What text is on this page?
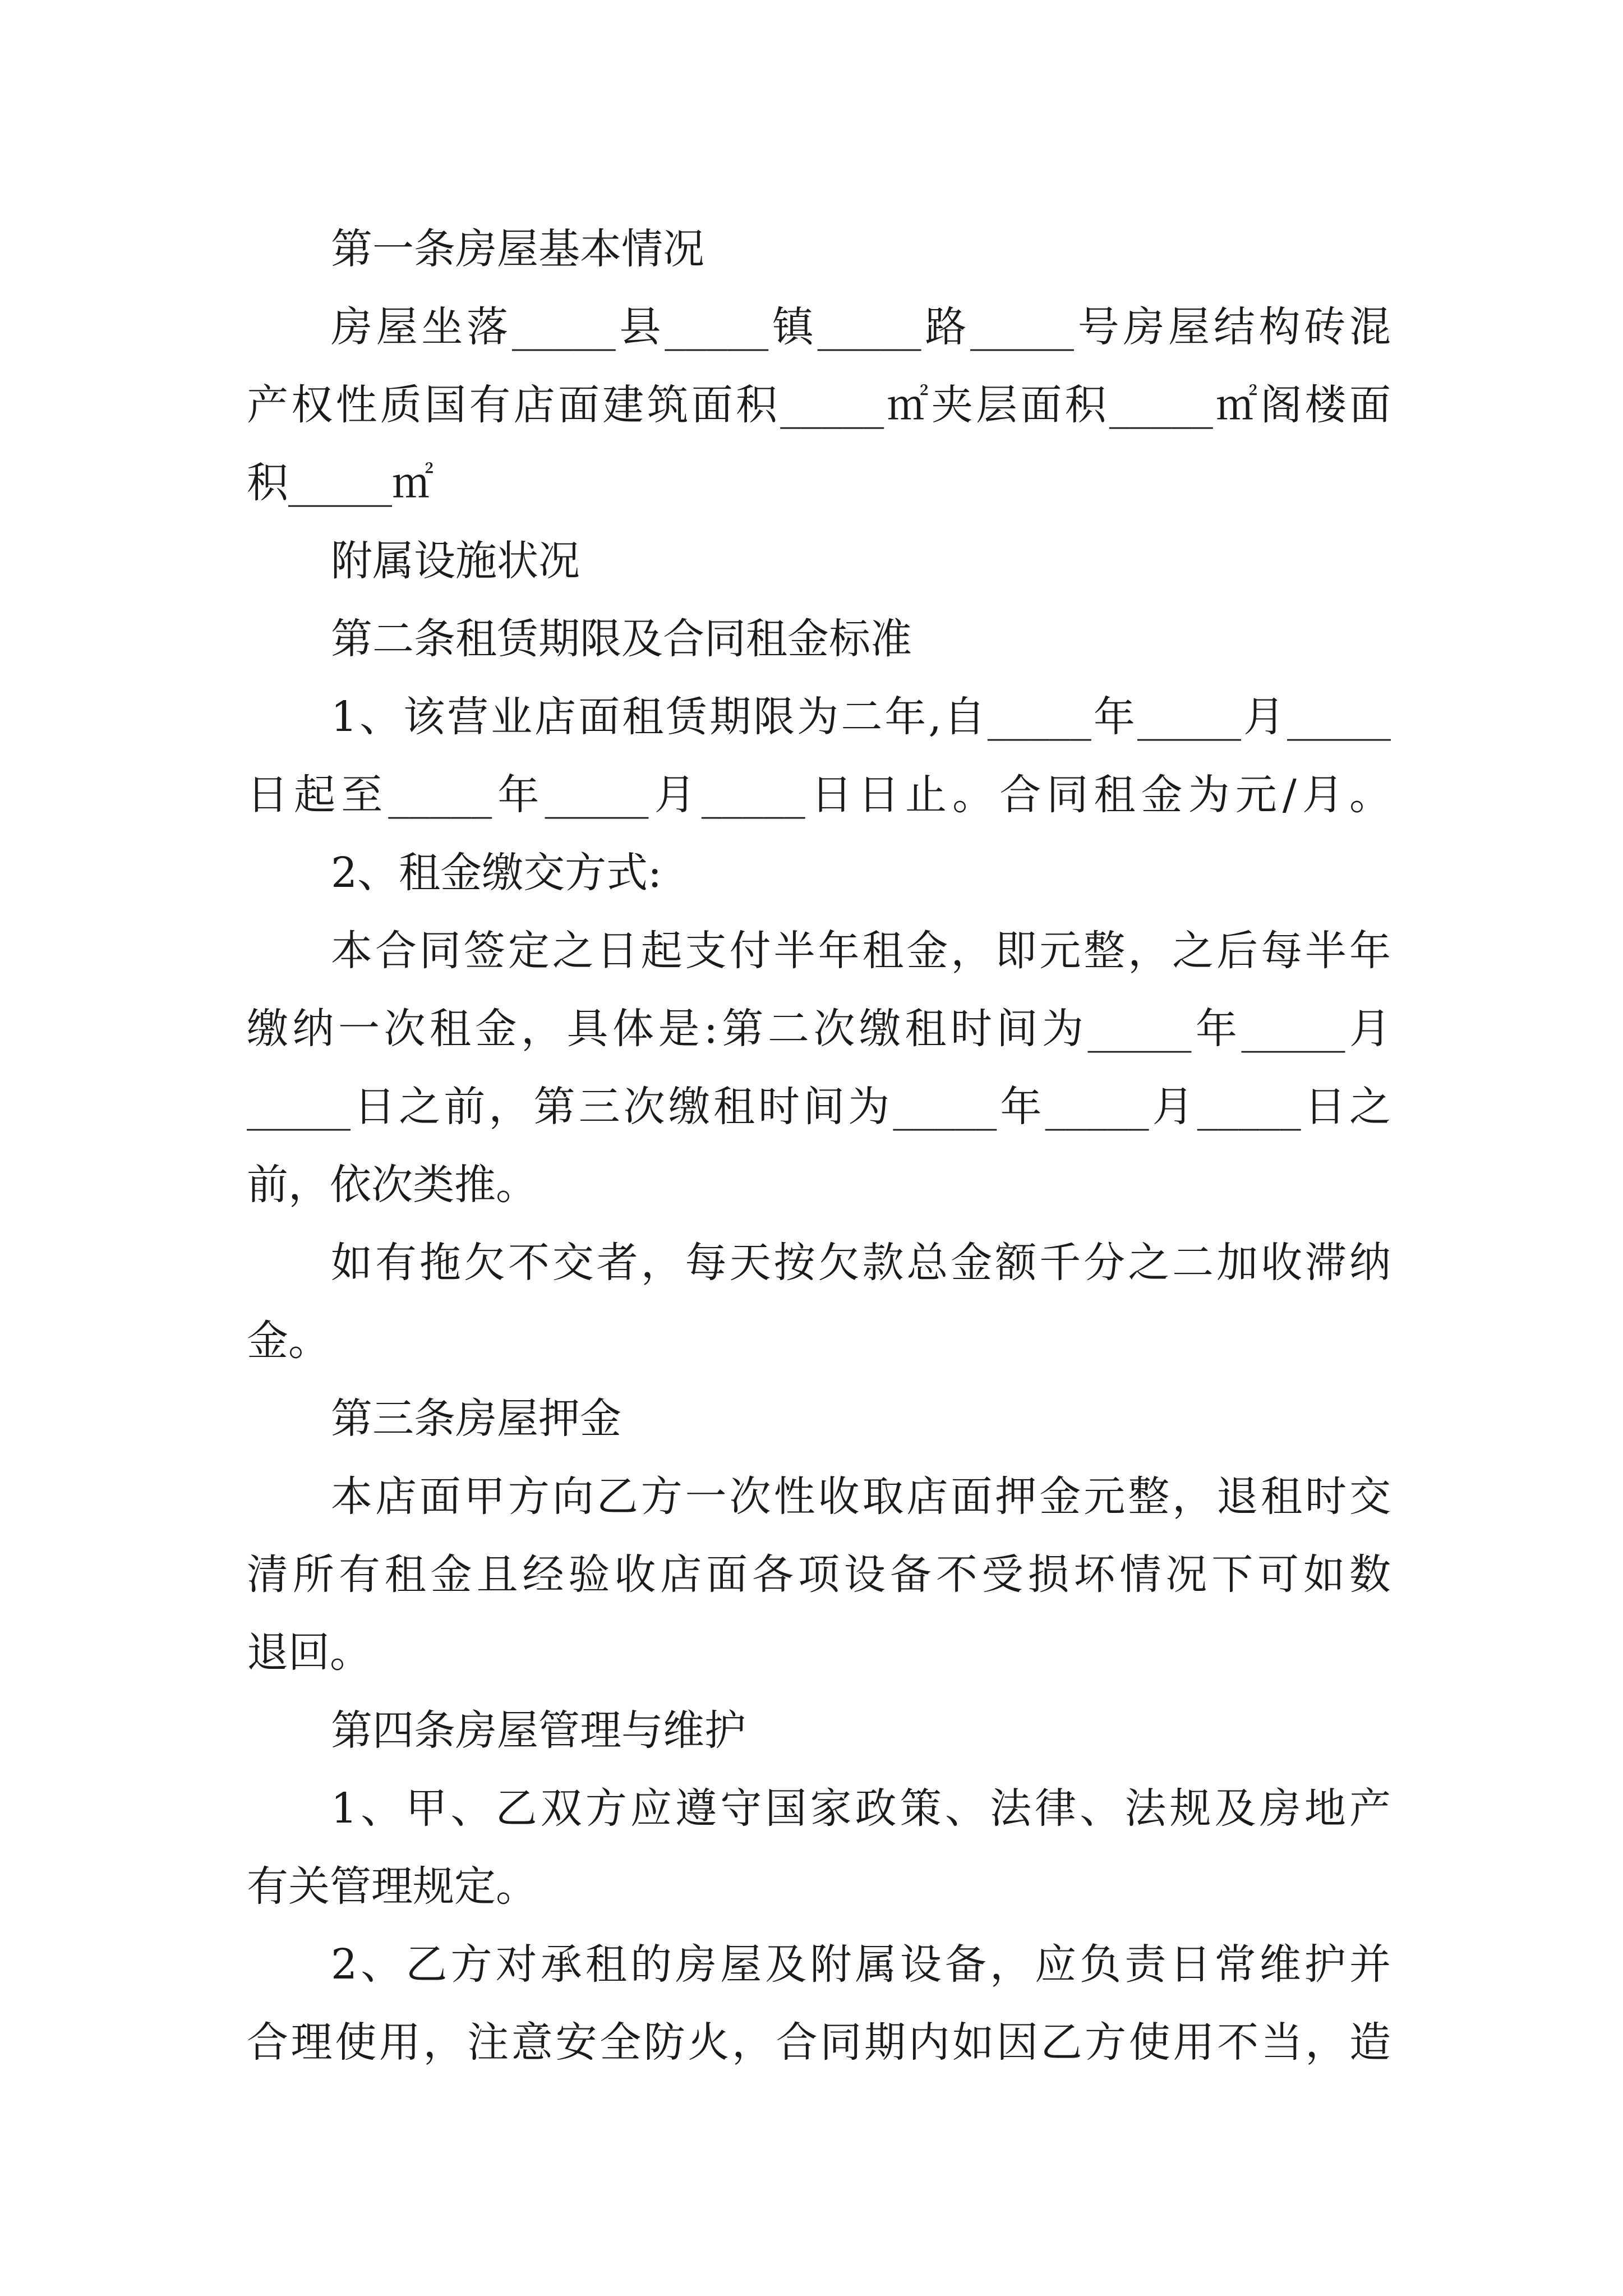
第一条房屋基本情况
房屋坐落_____县_____镇_____路_____号房屋结构砖混
产权性质国有店面建筑面积_____㎡夹层面积_____㎡阁楼面
积_____㎡
附属设施状况
第二条租赁期限及合同租金标准
1、该营业店面租赁期限为二年,自_____年_____月_____
日起至_____年_____月_____日日止。合同租金为元/月。
2、租金缴交方式:
本合同签定之日起支付半年租金，即元整，之后每半年
缴纳一次租金，具体是:第二次缴租时间为_____年_____月
_____日之前，第三次缴租时间为_____年_____月_____日之
前，依次类推。
如有拖欠不交者，每天按欠款总金额千分之二加收滞纳
金。
第三条房屋押金
本店面甲方向乙方一次性收取店面押金元整，退租时交
清所有租金且经验收店面各项设备不受损坏情况下可如数
退回。
第四条房屋管理与维护
1、甲、乙双方应遵守国家政策、法律、法规及房地产
有关管理规定。
2、乙方对承租的房屋及附属设备，应负责日常维护并
合理使用，注意安全防火，合同期内如因乙方使用不当，造
